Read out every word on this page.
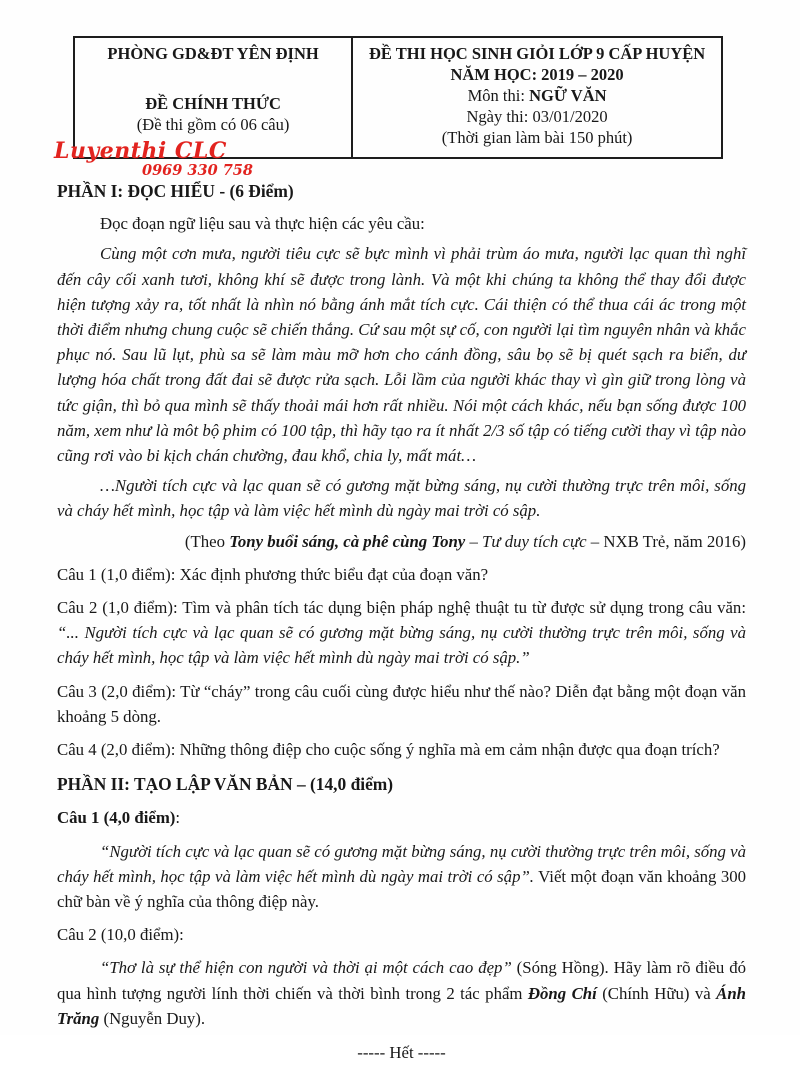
PHÒNG GD&ĐT YÊN ĐỊNH
ĐỀ CHÍNH THỨC
(Đề thi gồm có 06 câu)

ĐỀ THI HỌC SINH GIỎI LỚP 9 CẤP HUYỆN
NĂM HỌC: 2019 – 2020
Môn thi: NGỮ VĂN
Ngày thi: 03/01/2020
(Thời gian làm bài 150 phút)
Luyenthi CLC
0969 330 758
PHẦN I: ĐỌC HIỂU - (6 Điểm)

Đọc đoạn ngữ liệu sau và thực hiện các yêu cầu:

Cùng một cơn mưa, người tiêu cực sẽ bực mình vì phải trùm áo mưa, người lạc quan thì nghĩ đến cây cối xanh tươi, không khí sẽ được trong lành. Và một khi chúng ta không thể thay đổi được hiện tượng xảy ra, tốt nhất là nhìn nó bằng ánh mắt tích cực. Cái thiện có thể thua cái ác trong một thời điểm nhưng chung cuộc sẽ chiến thắng. Cứ sau một sự cố, con người lại tìm nguyên nhân và khắc phục nó. Sau lũ lụt, phù sa sẽ làm màu mỡ hơn cho cánh đồng, sâu bọ sẽ bị quét sạch ra biển, dư lượng hóa chất trong đất đai sẽ được rửa sạch. Lỗi lầm của người khác thay vì gìn giữ trong lòng và tức giận, thì bỏ qua mình sẽ thấy thoải mái hơn rất nhiều. Nói một cách khác, nếu bạn sống được 100 năm, xem như là môt bộ phim có 100 tập, thì hãy tạo ra ít nhất 2/3 số tập có tiếng cười thay vì tập nào cũng rơi vào bi kịch chán chường, đau khổ, chia ly, mất mát…

…Người tích cực và lạc quan sẽ có gương mặt bừng sáng, nụ cười thường trực trên môi, sống và cháy hết mình, học tập và làm việc hết mình dù ngày mai trời có sập.

(Theo Tony buổi sáng, cà phê cùng Tony – Tư duy tích cực – NXB Trẻ, năm 2016)

Câu 1 (1,0 điểm): Xác định phương thức biểu đạt của đoạn văn?

Câu 2 (1,0 điểm): Tìm và phân tích tác dụng biện pháp nghệ thuật tu từ được sử dụng trong câu văn: “... Người tích cực và lạc quan sẽ có gương mặt bừng sáng, nụ cười thường trực trên môi, sống và cháy hết mình, học tập và làm việc hết mình dù ngày mai trời có sập.”

Câu 3 (2,0 điểm): Từ “cháy” trong câu cuối cùng được hiểu như thế nào? Diễn đạt bằng một đoạn văn khoảng 5 dòng.

Câu 4 (2,0 điểm): Những thông điệp cho cuộc sống ý nghĩa mà em cảm nhận được qua đoạn trích?

PHẦN II: TẠO LẬP VĂN BẢN – (14,0 điểm)

Câu 1 (4,0 điểm):

“Người tích cực và lạc quan sẽ có gương mặt bừng sáng, nụ cười thường trực trên môi, sống và cháy hết mình, học tập và làm việc hết mình dù ngày mai trời có sập”. Viết một đoạn văn khoảng 300 chữ bàn về ý nghĩa của thông điệp này.

Câu 2 (10,0 điểm):

“Thơ là sự thể hiện con người và thời ại một cách cao đẹp” (Sóng Hồng). Hãy làm rõ điều đó qua hình tượng người lính thời chiến và thời bình trong 2 tác phẩm Đồng Chí (Chính Hữu) và Ánh Trăng (Nguyễn Duy).

----- Hết -----
